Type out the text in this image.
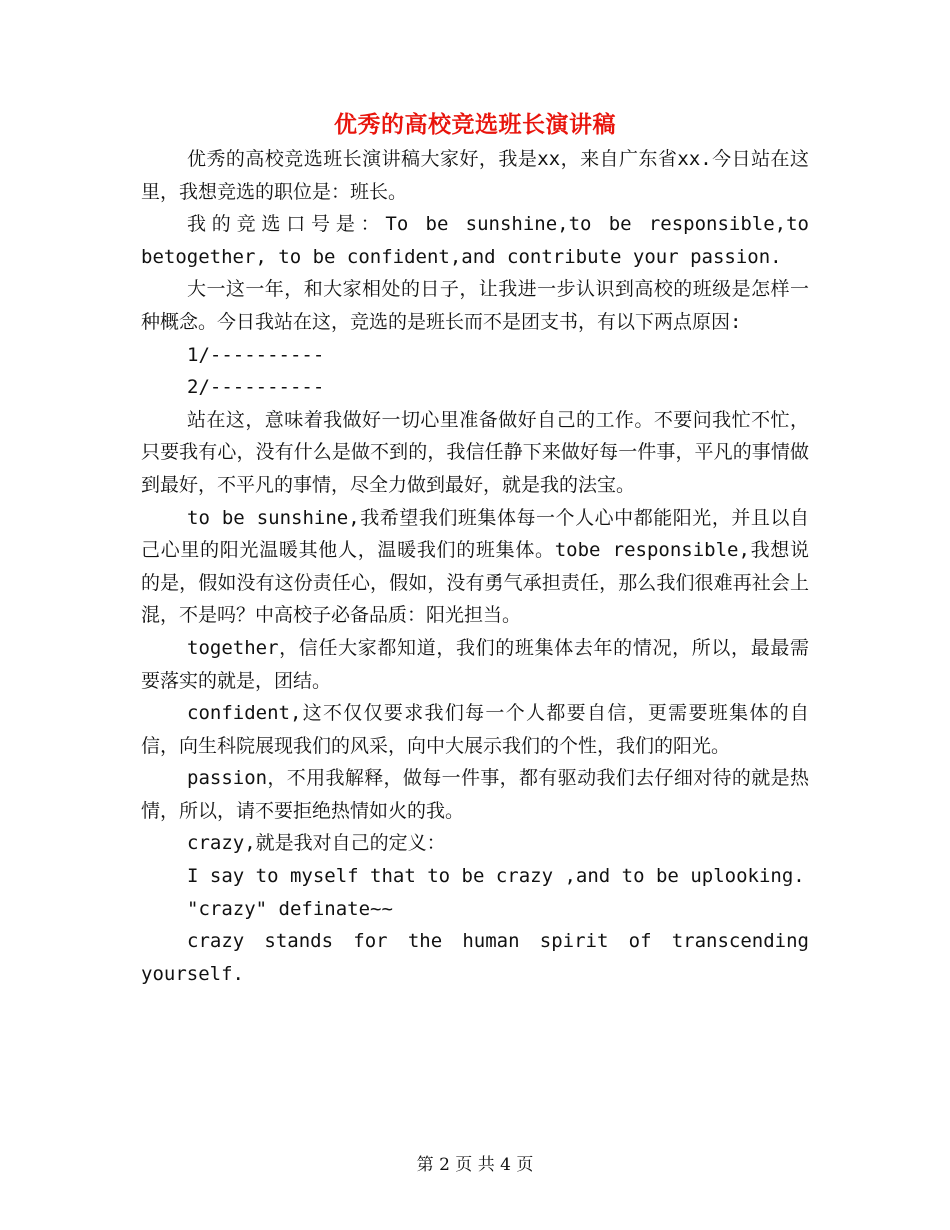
优秀的高校竞选班长演讲稿

优秀的高校竞选班长演讲稿大家好，我是xx，来自广东省xx.今日站在这里，我想竞选的职位是：班长。

我的竞选口号是：To be sunshine,to be responsible,to betogether, to be confident,and contribute your passion.

大一这一年，和大家相处的日子，让我进一步认识到高校的班级是怎样一种概念。今日我站在这，竞选的是班长而不是团支书，有以下两点原因:

1/----------

2/----------

站在这，意味着我做好一切心里准备做好自己的工作。不要问我忙不忙，只要我有心，没有什么是做不到的，我信任静下来做好每一件事，平凡的事情做到最好，不平凡的事情，尽全力做到最好，就是我的法宝。

to be sunshine,我希望我们班集体每一个人心中都能阳光，并且以自己心里的阳光温暖其他人，温暖我们的班集体。tobe responsible,我想说的是，假如没有这份责任心，假如，没有勇气承担责任，那么我们很难再社会上混，不是吗？中高校子必备品质：阳光担当。

together，信任大家都知道，我们的班集体去年的情况，所以，最最需要落实的就是，团结。

confident,这不仅仅要求我们每一个人都要自信，更需要班集体的自信，向生科院展现我们的风采，向中大展示我们的个性，我们的阳光。

passion，不用我解释，做每一件事，都有驱动我们去仔细对待的就是热情，所以，请不要拒绝热情如火的我。

crazy,就是我对自己的定义：

I say to myself that to be crazy ,and to be uplooking.

"crazy" definate~~

crazy stands for the human spirit of transcending yourself.

第 2 页 共 4 页
